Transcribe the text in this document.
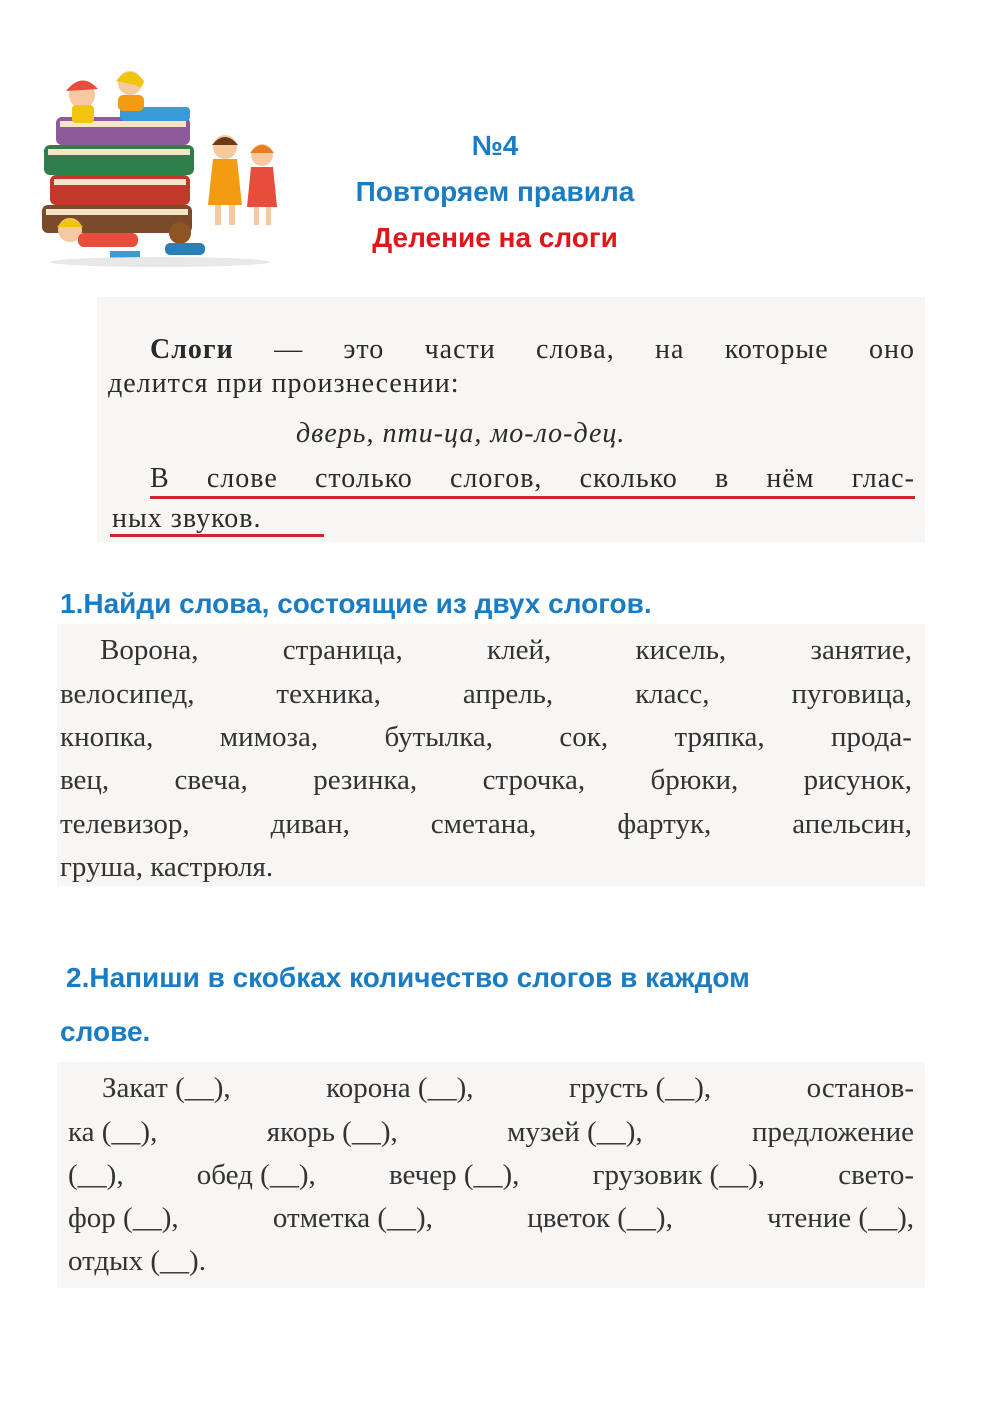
№4
Повторяем правила
Деление на слоги
Слоги — это части слова, на которые оно
делится при произнесении:
дверь, пти-ца, мо-ло-дец.
В слове столько слогов, сколько в нём глас-
ных звуков.
1.Найди слова, состоящие из двух слогов.
Ворона,	страница,	клей,	кисель,	занятие,
велосипед,	техника,	апрель,	класс,	пуговица,
кнопка, мимоза, бутылка, сок, тряпка, прода-
вец, свеча, резинка, строчка, брюки, рисунок,
телевизор,	диван,	сметана,	фартук,	апельсин,
груша, кастрюля.
2.Напиши в скобках количество слогов в каждом
слове.
Закат (__),	корона (__),	грусть (__),	останов-
ка (__),	якорь (__),	музей (__),	предложение
(__),	обед (__),	вечер (__),	грузовик (__),	свето-
фор (__),	отметка (__),	цветок (__),	чтение (__),
отдых (__).
